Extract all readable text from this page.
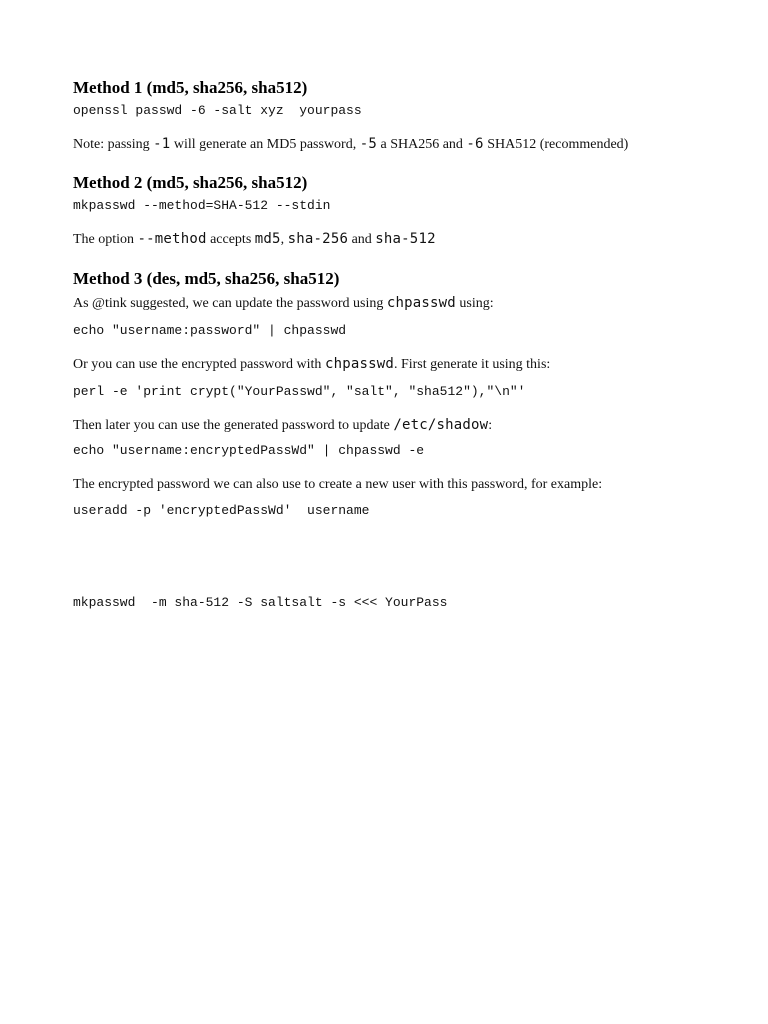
Method 1 (md5, sha256, sha512)
openssl passwd -6 -salt xyz  yourpass
Note: passing -1 will generate an MD5 password, -5 a SHA256 and -6 SHA512 (recommended)
Method 2 (md5, sha256, sha512)
mkpasswd --method=SHA-512 --stdin
The option --method accepts md5, sha-256 and sha-512
Method 3 (des, md5, sha256, sha512)
As @tink suggested, we can update the password using chpasswd using:
echo "username:password" | chpasswd
Or you can use the encrypted password with chpasswd. First generate it using this:
perl -e 'print crypt("YourPasswd", "salt", "sha512"),"\n"'
Then later you can use the generated password to update /etc/shadow:
echo "username:encryptedPassWd" | chpasswd -e
The encrypted password we can also use to create a new user with this password, for example:
useradd -p 'encryptedPassWd'  username
mkpasswd  -m sha-512 -S saltsalt -s <<< YourPass
